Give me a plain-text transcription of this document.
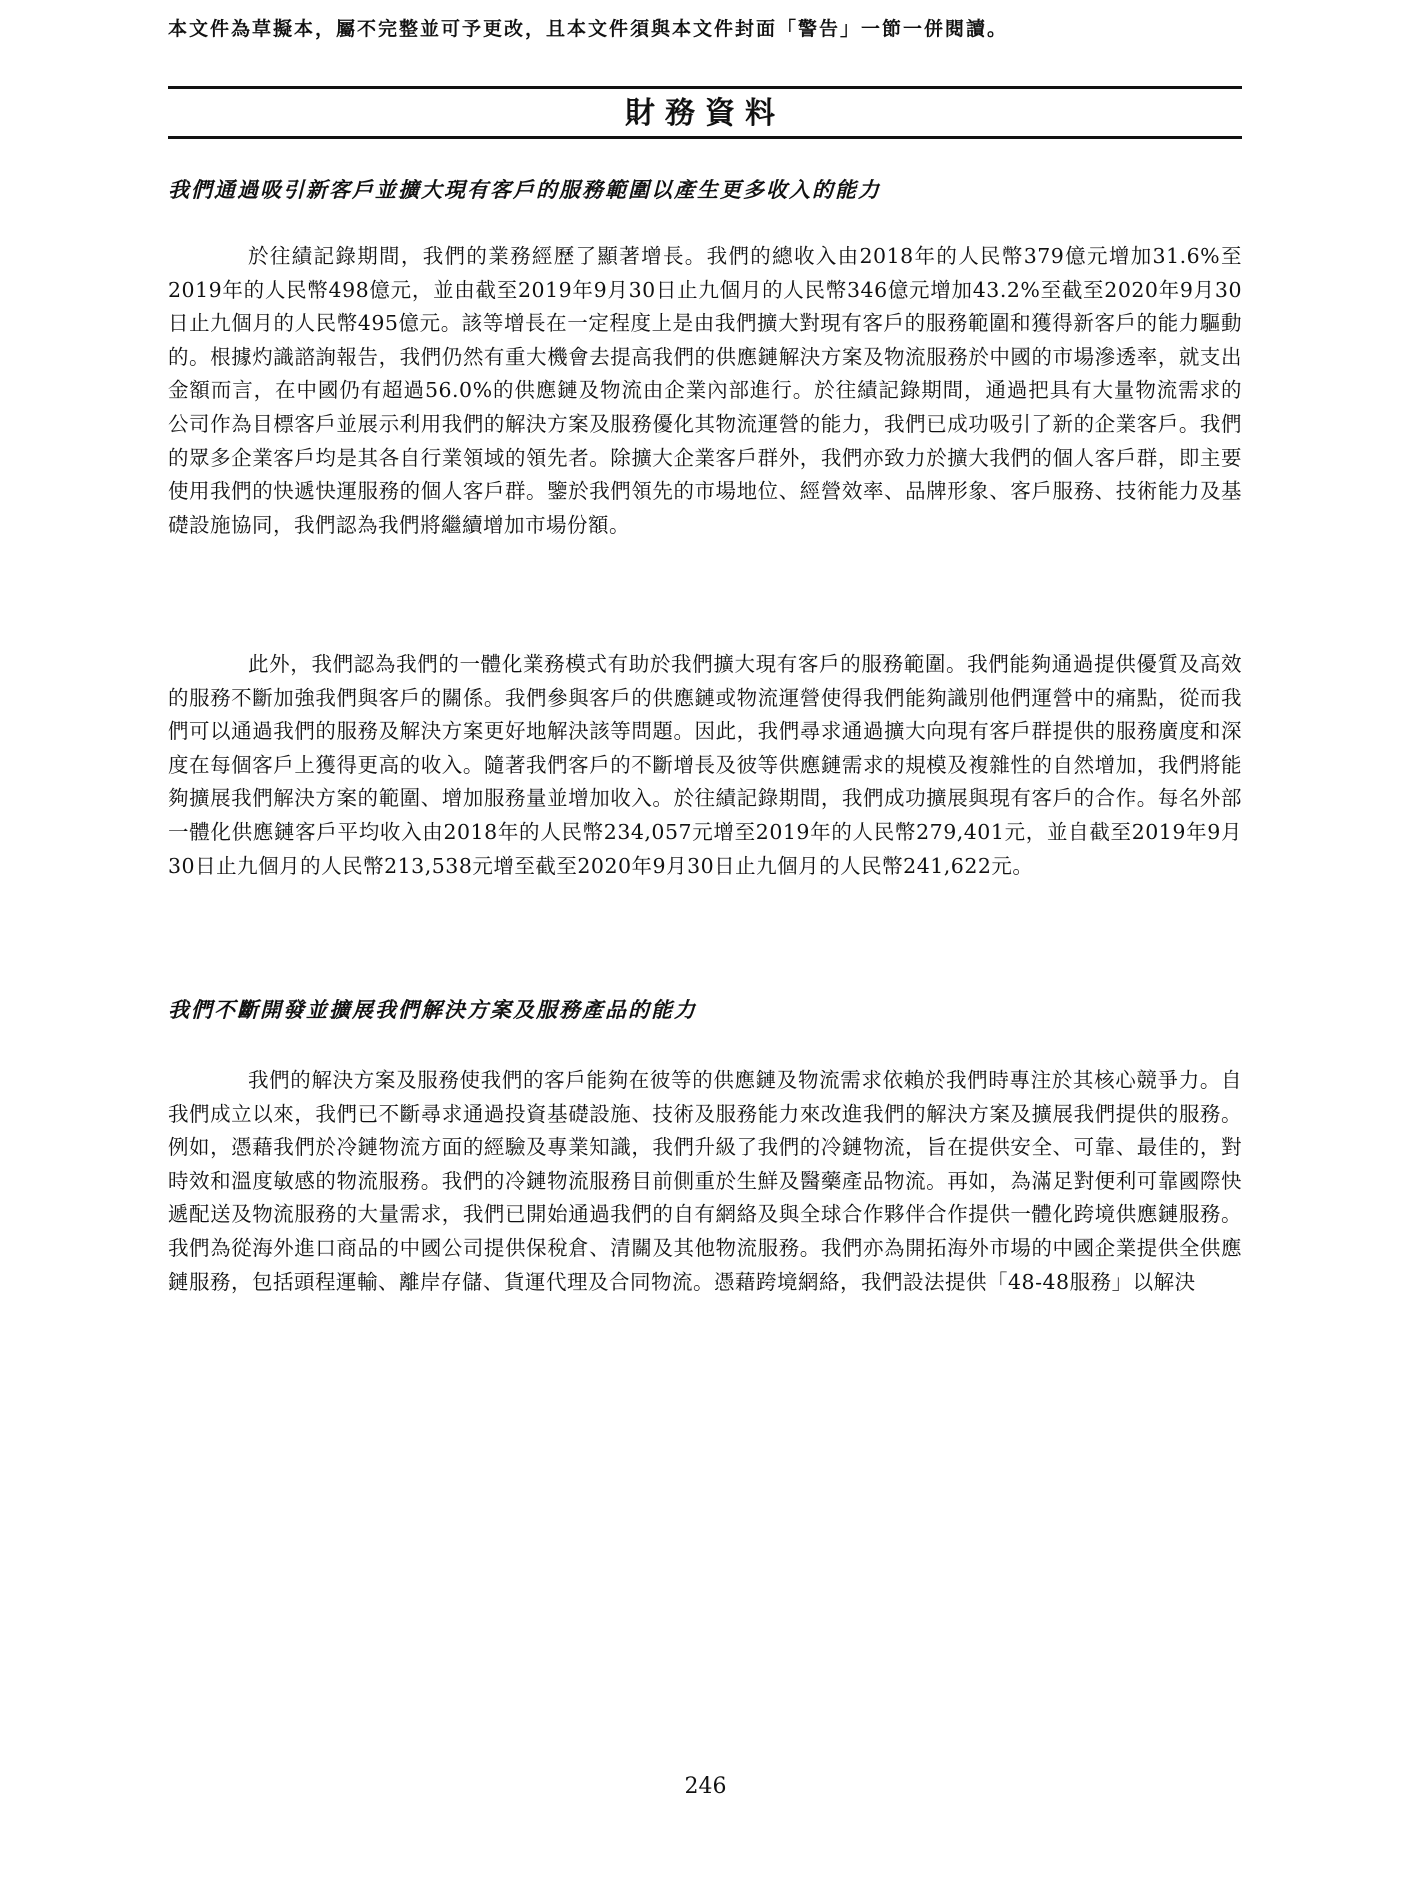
本文件為草擬本，屬不完整並可予更改，且本文件須與本文件封面「警告」一節一併閱讀。
財務資料
我們通過吸引新客戶並擴大現有客戶的服務範圍以產生更多收入的能力

於往績記錄期間，我們的業務經歷了顯著增長。我們的總收入由2018年的人民幣379億元增加31.6%至2019年的人民幣498億元，並由截至2019年9月30日止九個月的人民幣346億元增加43.2%至截至2020年9月30日止九個月的人民幣495億元。該等增長在一定程度上是由我們擴大對現有客戶的服務範圍和獲得新客戶的能力驅動的。根據灼識諮詢報告，我們仍然有重大機會去提高我們的供應鏈解決方案及物流服務於中國的市場滲透率，就支出金額而言，在中國仍有超過56.0%的供應鏈及物流由企業內部進行。於往績記錄期間，通過把具有大量物流需求的公司作為目標客戶並展示利用我們的解決方案及服務優化其物流運營的能力，我們已成功吸引了新的企業客戶。我們的眾多企業客戶均是其各自行業領域的領先者。除擴大企業客戶群外，我們亦致力於擴大我們的個人客戶群，即主要使用我們的快遞快運服務的個人客戶群。鑒於我們領先的市場地位、經營效率、品牌形象、客戶服務、技術能力及基礎設施協同，我們認為我們將繼續增加市場份額。

此外，我們認為我們的一體化業務模式有助於我們擴大現有客戶的服務範圍。我們能夠通過提供優質及高效的服務不斷加強我們與客戶的關係。我們參與客戶的供應鏈或物流運營使得我們能夠識別他們運營中的痛點，從而我們可以通過我們的服務及解決方案更好地解決該等問題。因此，我們尋求通過擴大向現有客戶群提供的服務廣度和深度在每個客戶上獲得更高的收入。隨著我們客戶的不斷增長及彼等供應鏈需求的規模及複雜性的自然增加，我們將能夠擴展我們解決方案的範圍、增加服務量並增加收入。於往績記錄期間，我們成功擴展與現有客戶的合作。每名外部一體化供應鏈客戶平均收入由2018年的人民幣234,057元增至2019年的人民幣279,401元，並自截至2019年9月30日止九個月的人民幣213,538元增至截至2020年9月30日止九個月的人民幣241,622元。

我們不斷開發並擴展我們解決方案及服務產品的能力

我們的解決方案及服務使我們的客戶能夠在彼等的供應鏈及物流需求依賴於我們時專注於其核心競爭力。自我們成立以來，我們已不斷尋求通過投資基礎設施、技術及服務能力來改進我們的解決方案及擴展我們提供的服務。例如，憑藉我們於冷鏈物流方面的經驗及專業知識，我們升級了我們的冷鏈物流，旨在提供安全、可靠、最佳的，對時效和溫度敏感的物流服務。我們的冷鏈物流服務目前側重於生鮮及醫藥產品物流。再如，為滿足對便利可靠國際快遞配送及物流服務的大量需求，我們已開始通過我們的自有網絡及與全球合作夥伴合作提供一體化跨境供應鏈服務。我們為從海外進口商品的中國公司提供保稅倉、清關及其他物流服務。我們亦為開拓海外市場的中國企業提供全供應鏈服務，包括頭程運輸、離岸存儲、貨運代理及合同物流。憑藉跨境網絡，我們設法提供「48-48服務」以解決

246
